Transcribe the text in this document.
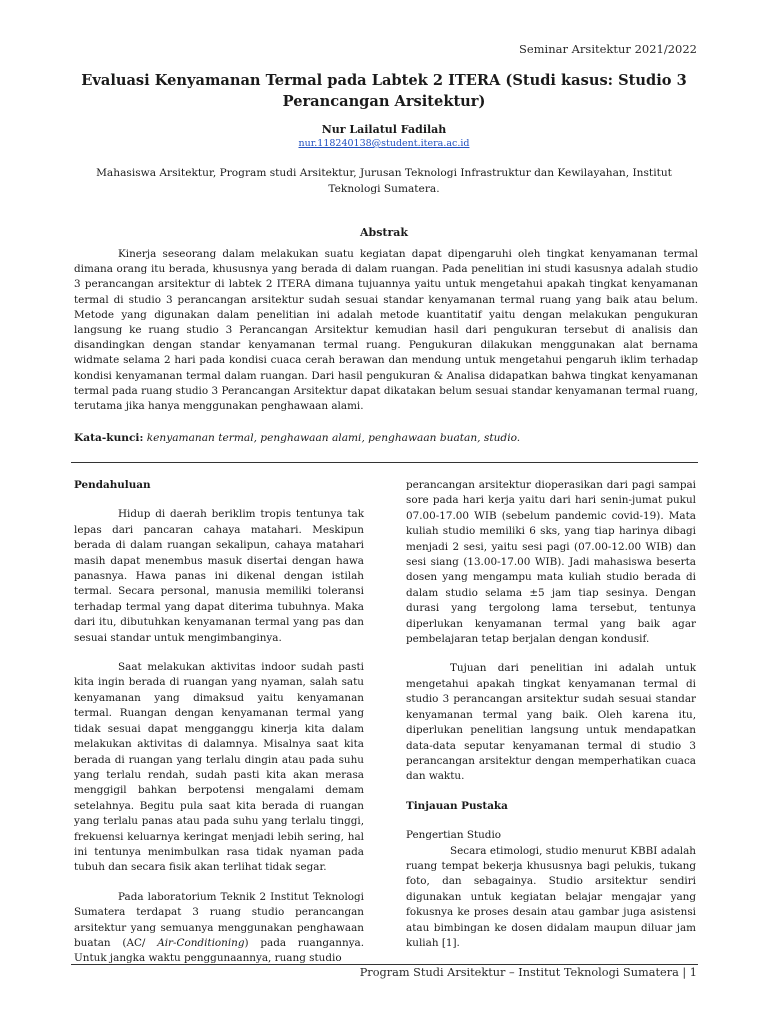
Seminar Arsitektur 2021/2022
Evaluasi Kenyamanan Termal pada Labtek 2 ITERA (Studi kasus: Studio 3 Perancangan Arsitektur)
Nur Lailatul Fadilah
nur.118240138@student.itera.ac.id
Mahasiswa Arsitektur, Program studi Arsitektur, Jurusan Teknologi Infrastruktur dan Kewilayahan, Institut Teknologi Sumatera.
Abstrak
Kinerja seseorang dalam melakukan suatu kegiatan dapat dipengaruhi oleh tingkat kenyamanan termal dimana orang itu berada, khususnya yang berada di dalam ruangan. Pada penelitian ini studi kasusnya adalah studio 3 perancangan arsitektur di labtek 2 ITERA dimana tujuannya yaitu untuk mengetahui apakah tingkat kenyamanan termal di studio 3 perancangan arsitektur sudah sesuai standar kenyamanan termal ruang yang baik atau belum. Metode yang digunakan dalam penelitian ini adalah metode kuantitatif yaitu dengan melakukan pengukuran langsung ke ruang studio 3 Perancangan Arsitektur kemudian hasil dari pengukuran tersebut di analisis dan disandingkan dengan standar kenyamanan termal ruang. Pengukuran dilakukan menggunakan alat bernama widmate selama 2 hari pada kondisi cuaca cerah berawan dan mendung untuk mengetahui pengaruh iklim terhadap kondisi kenyamanan termal dalam ruangan. Dari hasil pengukuran & Analisa didapatkan bahwa tingkat kenyamanan termal pada ruang studio 3 Perancangan Arsitektur dapat dikatakan belum sesuai standar kenyamanan termal ruang, terutama jika hanya menggunakan penghawaan alami.
Kata-kunci: kenyamanan termal, penghawaan alami, penghawaan buatan, studio.

Pendahuluan

Hidup di daerah beriklim tropis tentunya tak lepas dari pancaran cahaya matahari. Meskipun berada di dalam ruangan sekalipun, cahaya matahari masih dapat menembus masuk disertai dengan hawa panasnya. Hawa panas ini dikenal dengan istilah termal. Secara personal, manusia memiliki toleransi terhadap termal yang dapat diterima tubuhnya. Maka dari itu, dibutuhkan kenyamanan termal yang pas dan sesuai standar untuk mengimbanginya.

Saat melakukan aktivitas indoor sudah pasti kita ingin berada di ruangan yang nyaman, salah satu kenyamanan yang dimaksud yaitu kenyamanan termal. Ruangan dengan kenyamanan termal yang tidak sesuai dapat mengganggu kinerja kita dalam melakukan aktivitas di dalamnya. Misalnya saat kita berada di ruangan yang terlalu dingin atau pada suhu yang terlalu rendah, sudah pasti kita akan merasa menggigil bahkan berpotensi mengalami demam setelahnya. Begitu pula saat kita berada di ruangan yang terlalu panas atau pada suhu yang terlalu tinggi, frekuensi keluarnya keringat menjadi lebih sering, hal ini tentunya menimbulkan rasa tidak nyaman pada tubuh dan secara fisik akan terlihat tidak segar.

Pada laboratorium Teknik 2 Institut Teknologi Sumatera terdapat 3 ruang studio perancangan arsitektur yang semuanya menggunakan penghawaan buatan (AC/ Air-Conditioning) pada ruangannya. Untuk jangka waktu penggunaannya, ruang studio

perancangan arsitektur dioperasikan dari pagi sampai sore pada hari kerja yaitu dari hari senin-jumat pukul 07.00-17.00 WIB (sebelum pandemic covid-19). Mata kuliah studio memiliki 6 sks, yang tiap harinya dibagi menjadi 2 sesi, yaitu sesi pagi (07.00-12.00 WIB) dan sesi siang (13.00-17.00 WIB). Jadi mahasiswa beserta dosen yang mengampu mata kuliah studio berada di dalam studio selama ±5 jam tiap sesinya. Dengan durasi yang tergolong lama tersebut, tentunya diperlukan kenyamanan termal yang baik agar pembelajaran tetap berjalan dengan kondusif.

Tujuan dari penelitian ini adalah untuk mengetahui apakah tingkat kenyamanan termal di studio 3 perancangan arsitektur sudah sesuai standar kenyamanan termal yang baik. Oleh karena itu, diperlukan penelitian langsung untuk mendapatkan data-data seputar kenyamanan termal di studio 3 perancangan arsitektur dengan memperhatikan cuaca dan waktu.

Tinjauan Pustaka

Pengertian Studio

Secara etimologi, studio menurut KBBI adalah ruang tempat bekerja khususnya bagi pelukis, tukang foto, dan sebagainya. Studio arsitektur sendiri digunakan untuk kegiatan belajar mengajar yang fokusnya ke proses desain atau gambar juga asistensi atau bimbingan ke dosen didalam maupun diluar jam kuliah [1].

Program Studi Arsitektur – Institut Teknologi Sumatera | 1
